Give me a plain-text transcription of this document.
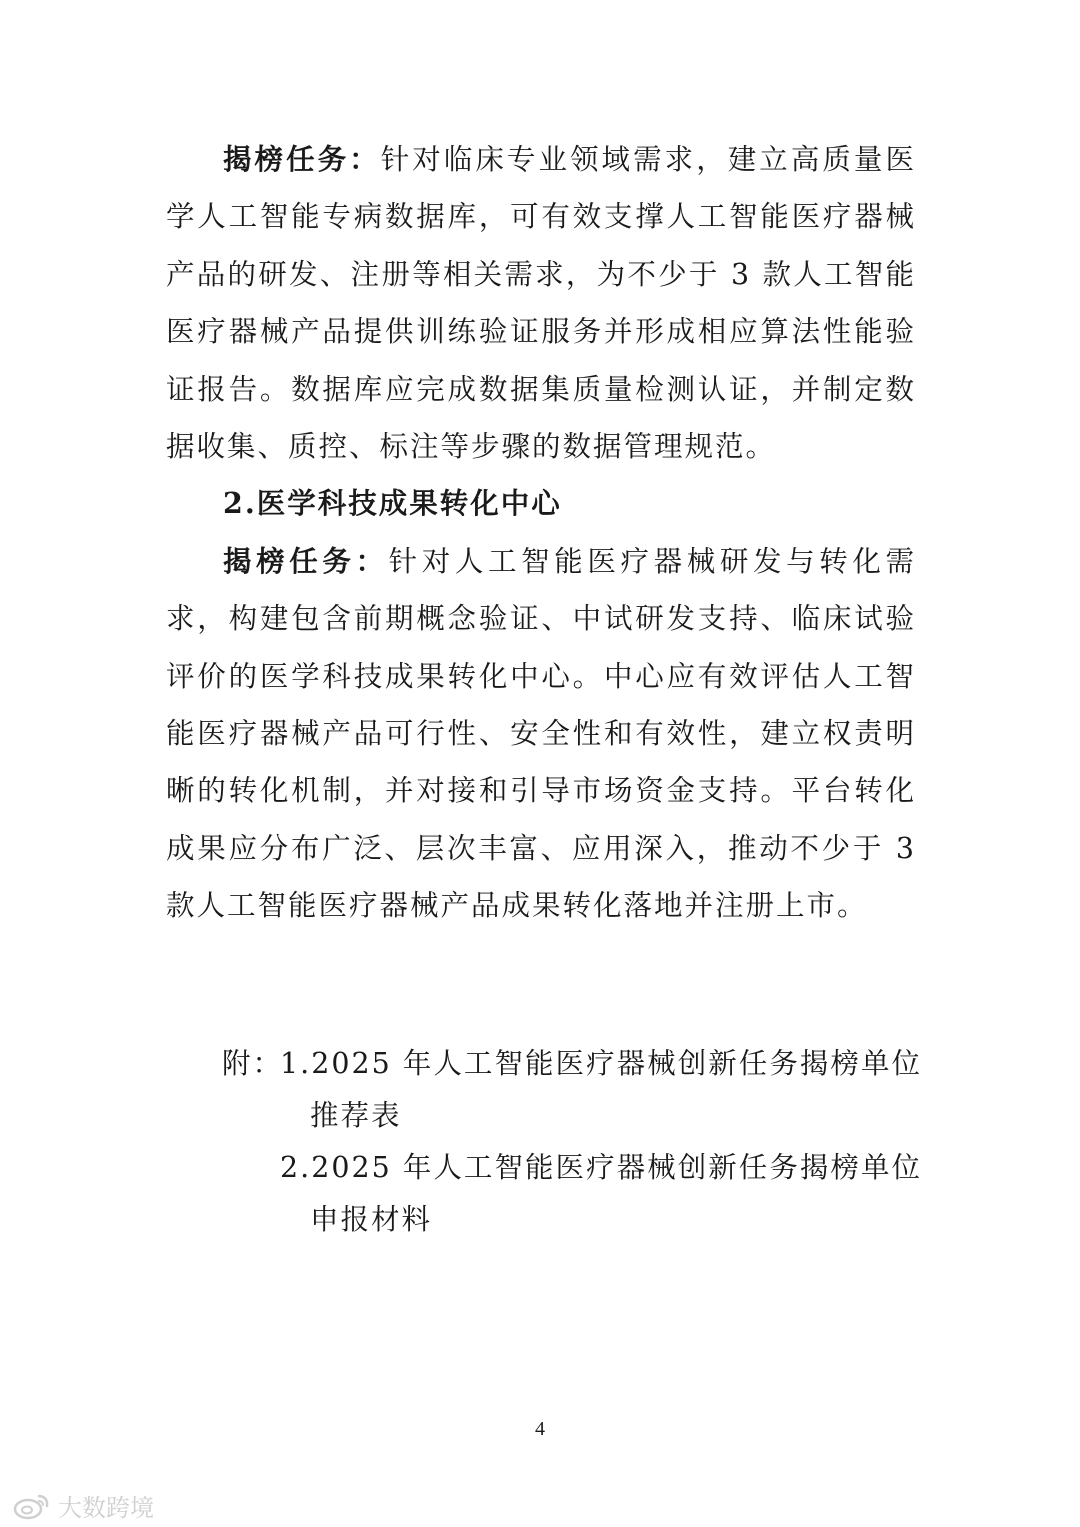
揭榜任务：针对临床专业领域需求，建立高质量医学人工智能专病数据库，可有效支撑人工智能医疗器械产品的研发、注册等相关需求，为不少于 3 款人工智能医疗器械产品提供训练验证服务并形成相应算法性能验证报告。数据库应完成数据集质量检测认证，并制定数据收集、质控、标注等步骤的数据管理规范。

2.医学科技成果转化中心

揭榜任务：针对人工智能医疗器械研发与转化需求，构建包含前期概念验证、中试研发支持、临床试验评价的医学科技成果转化中心。中心应有效评估人工智能医疗器械产品可行性、安全性和有效性，建立权责明晰的转化机制，并对接和引导市场资金支持。平台转化成果应分布广泛、层次丰富、应用深入，推动不少于 3 款人工智能医疗器械产品成果转化落地并注册上市。

附：
1.2025 年人工智能医疗器械创新任务揭榜单位推荐表
2.2025 年人工智能医疗器械创新任务揭榜单位申报材料
4
大数跨境
